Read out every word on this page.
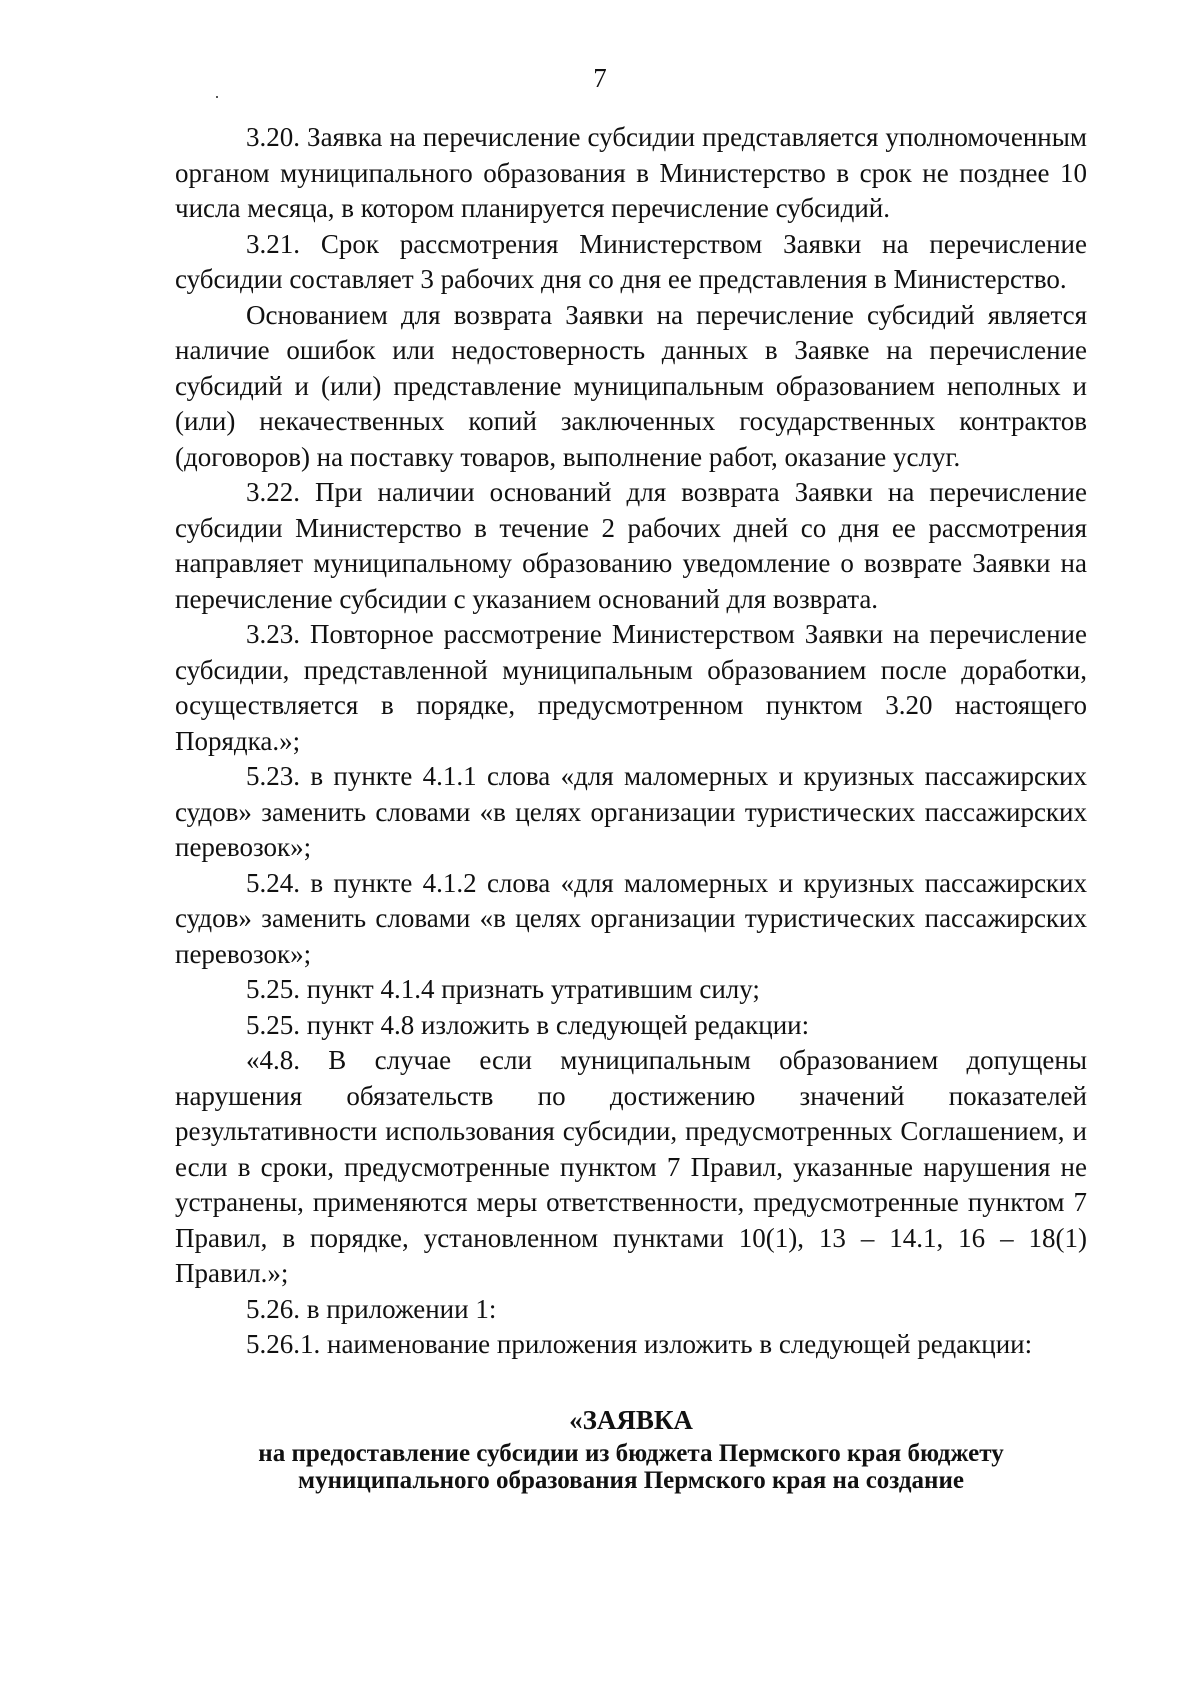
7

3.20. Заявка на перечисление субсидии представляется уполномоченным органом муниципального образования в Министерство в срок не позднее 10 числа месяца, в котором планируется перечисление субсидий.

3.21. Срок рассмотрения Министерством Заявки на перечисление субсидии составляет 3 рабочих дня со дня ее представления в Министерство.

Основанием для возврата Заявки на перечисление субсидий является наличие ошибок или недостоверность данных в Заявке на перечисление субсидий и (или) представление муниципальным образованием неполных и (или) некачественных копий заключенных государственных контрактов (договоров) на поставку товаров, выполнение работ, оказание услуг.

3.22. При наличии оснований для возврата Заявки на перечисление субсидии Министерство в течение 2 рабочих дней со дня ее рассмотрения направляет муниципальному образованию уведомление о возврате Заявки на перечисление субсидии с указанием оснований для возврата.

3.23. Повторное рассмотрение Министерством Заявки на перечисление субсидии, представленной муниципальным образованием после доработки, осуществляется в порядке, предусмотренном пунктом 3.20 настоящего Порядка.»;

5.23. в пункте 4.1.1 слова «для маломерных и круизных пассажирских судов» заменить словами «в целях организации туристических пассажирских перевозок»;

5.24. в пункте 4.1.2 слова «для маломерных и круизных пассажирских судов» заменить словами «в целях организации туристических пассажирских перевозок»;

5.25. пункт 4.1.4 признать утратившим силу;

5.25. пункт 4.8 изложить в следующей редакции:

«4.8. В случае если муниципальным образованием допущены нарушения обязательств по достижению значений показателей результативности использования субсидии, предусмотренных Соглашением, и если в сроки, предусмотренные пунктом 7 Правил, указанные нарушения не устранены, применяются меры ответственности, предусмотренные пунктом 7 Правил, в порядке, установленном пунктами 10(1), 13 – 14.1, 16 – 18(1) Правил.»;

5.26. в приложении 1:

5.26.1. наименование приложения изложить в следующей редакции:

«ЗАЯВКА
на предоставление субсидии из бюджета Пермского края бюджету муниципального образования Пермского края на создание
